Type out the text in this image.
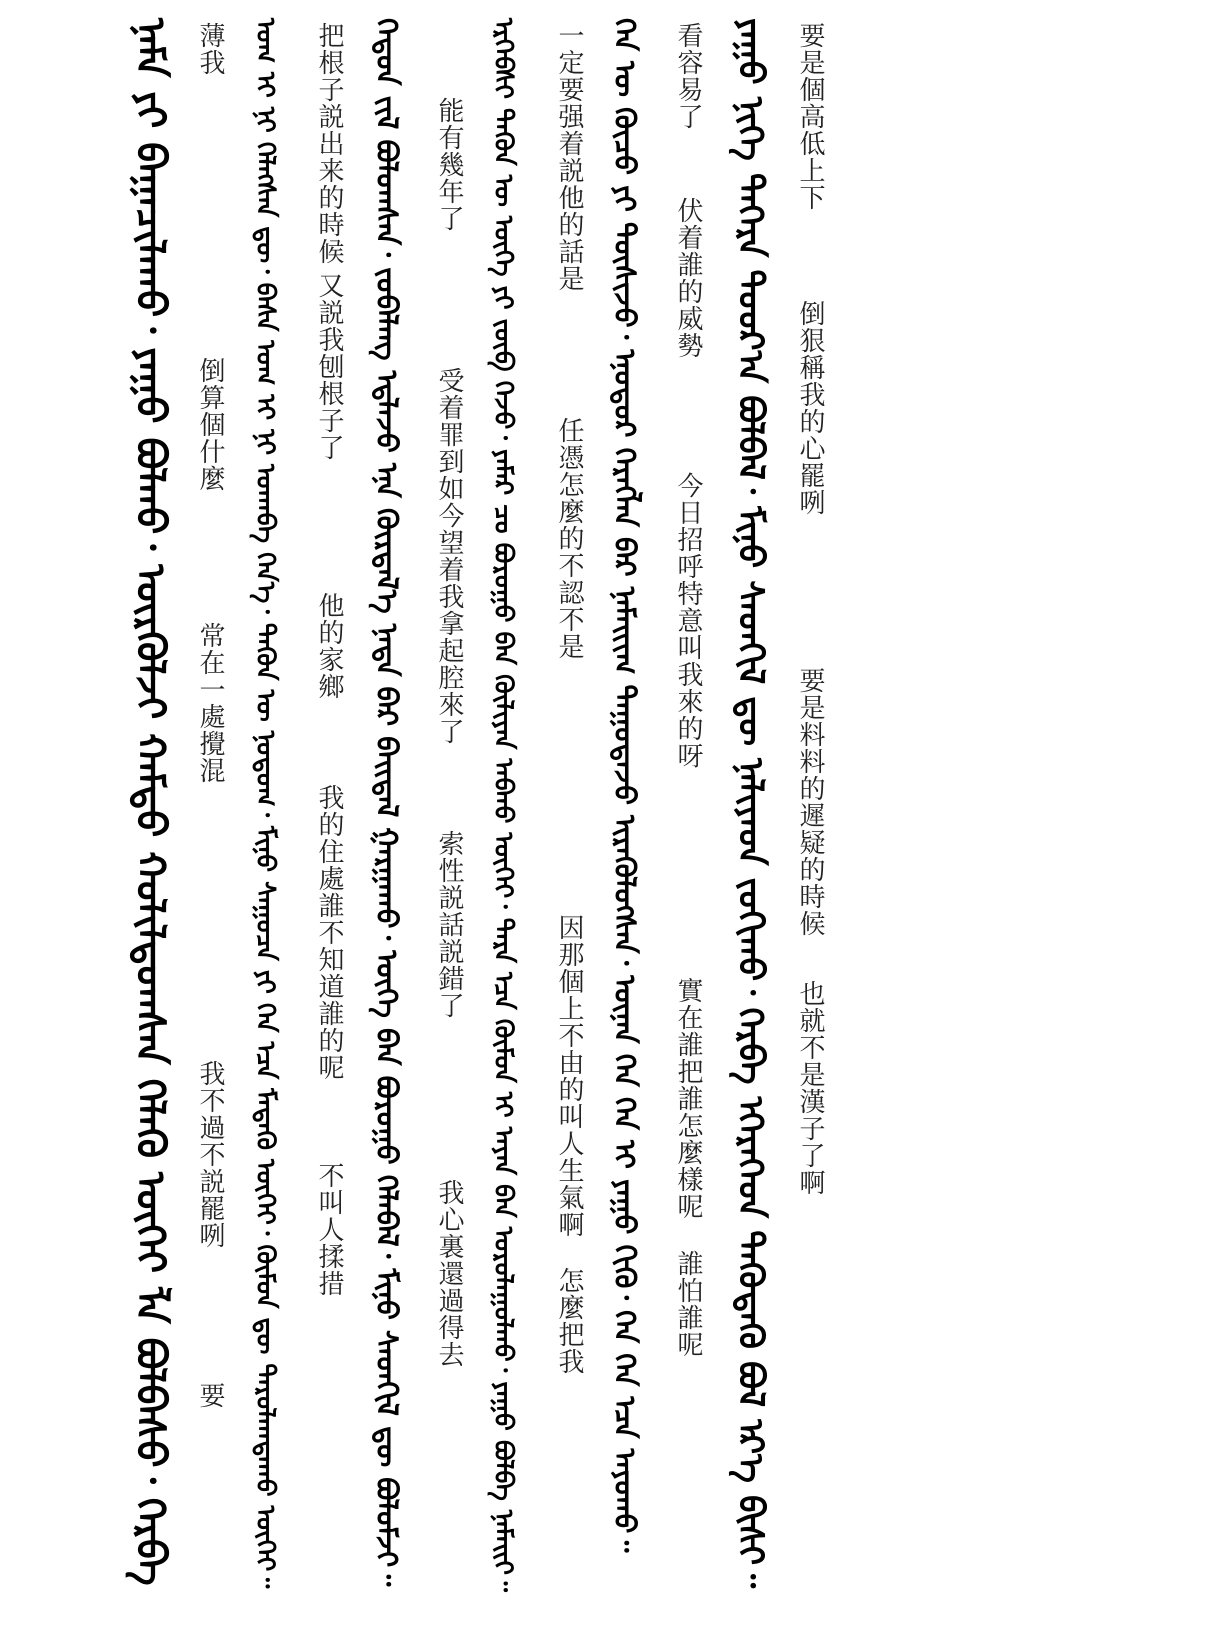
要是個高低上下
倒狠稱我的心罷咧
要是料料的遲疑的時候
也就不是漢子了啊
ᠶᠠᠭᠤ ᠨᠢᠭᠡ ᠳᠡᠭᠡᠷᠡ ᠳᠣᠣᠷ᠎ᠠ ᠪᠣᠯᠪᠠᠯ᠂ ᠮᠢᠨᠦ ᠰᠡᠳᠬᠢᠯ ᠳᠦ ᠨᠡᠯᠢᠶᠡᠳ ᠵᠣᠬᠢᠬᠤ᠂ ᠬᠡᠷᠪᠡ ᠡᠭᠡᠷᠡᠭᠡᠳ ᠲᠡᠭᠦᠳᠡᠬᠦ ᠪᠣᠯ ᠡᠷ᠎ᠡ ᠪᠢᠰᠢ᠃
看容易了
伏着誰的威勢
今日招呼特意叫我來的呀
實在誰把誰怎麼樣呢
誰怕誰呢
ᠬᠡᠨ ᠦ ᠬᠦᠴᠦ ᠶᠢ ᠲᠦᠰᠢᠵᠦ᠂ ᠡᠨᠦᠳᠦᠷ ᠬᠡᠷᠡᠭᠯᠡᠨ ᠪᠠᠷ ᠨᠠᠮᠠᠢᠢᠭ ᠳᠠᠭᠤᠳᠠᠵᠤ ᠢᠷᠡᠭᠦᠯᠦᠭᠰᠡᠨ᠂ ᠦᠨᠡᠨ ᠬᠡᠨ ᠬᠡᠨ ᠢ ᠶᠠᠭᠤ ᠬᠢᠬᠦ᠂ ᠬᠡᠨ ᠬᠡᠨ ᠡᠴᠡ ᠠᠶᠤᠬᠤ᠃
一定要强着説他的話是
任憑怎麼的不認不是
因那個上不由的叫人生氣啊
怎麼把我
ᠡᠷᠬᠡᠪᠰᠢ ᠲᠡᠭᠦᠨ ᠦ ᠦᠭᠡ ᠶᠢ ᠵᠥᠪ ᠭᠡᠵᠦ᠂ ᠶᠠᠮᠠᠷ ᠴᠤ ᠪᠤᠷᠤᠭᠤ ᠪᠠᠨ ᠬᠦᠯᠢᠶᠡᠨ ᠠᠪᠬᠤ ᠦᠭᠡᠢ᠂ ᠲᠡᠷᠡ ᠡᠴᠡ ᠬᠦᠮᠦᠨ ᠢ ᠠᠶᠠᠨ ᠪᠠᠨ ᠤᠷᠤᠯᠠᠭᠤᠯᠬᠤ᠂ ᠶᠠᠭᠤ ᠪᠣᠯᠪᠠ ᠨᠠᠮᠠᠢᠢ᠃
能有幾年了
受着罪到如今望着我拿起腔來了
索性説話説錯了
我心裏還過得去
ᠬᠡᠳᠦᠨ ᠵᠢᠯ ᠪᠣᠯᠤᠭᠰᠠᠨ᠂ ᠵᠣᠪᠠᠯᠠᠩ ᠡᠳ᠋ᠯᠡᠵᠦ ᠡᠨᠡ ᠬᠦᠷᠲᠡᠯ᠎ᠡ ᠨᠠᠳᠠ ᠪᠠᠷ ᠪᠠᠢᠳᠠᠯ ᠭᠠᠷᠭᠠᠬᠤ᠂ ᠦᠭᠡ ᠪᠡᠨ ᠪᠤᠷᠤᠭᠤ ᠬᠡᠯᠡᠪᠡᠯ᠂ ᠮᠢᠨᠦ ᠰᠡᠳᠬᠢᠯ ᠳᠦ ᠪᠣᠯᠤᠮᠵᠢ᠃
把根子説出来的時候
又説我刨根子了
他的家鄉
我的住處誰不知道誰的呢
不叫人揉措
ᠤᠭ ᠢ ᠨᠢ ᠬᠡᠯᠡᠭᠰᠡᠨ ᠳᠦ᠂ ᠪᠠᠰᠠ ᠤᠭ ᠢ ᠨᠢ ᠤᠬᠠᠪᠠ ᠭᠡᠨ᠎ᠡ᠂ ᠲᠡᠭᠦᠨ ᠦ ᠨᠤᠲᠤᠭ᠂ ᠮᠢᠨᠦ ᠰᠠᠭᠤᠴᠠ ᠶᠢ ᠬᠡᠨ ᠡᠴᠡ ᠮᠡᠳᠡᠬᠦ ᠦᠭᠡᠢ᠂ ᠬᠦᠮᠦᠨ ᠳᠦ ᠳᠠᠷᠤᠯᠠᠭᠳᠠᠬᠤ ᠦᠭᠡᠢ᠃
薄我
倒算個什麼
常在一處攪混
我不過不説罷咧
要
ᠨᠠᠮᠠ ᠶᠢ ᠪᠠᠭᠠᠴᠢᠯᠠᠬᠤ᠂ ᠶᠠᠭᠤ ᠪᠣᠯᠬᠤ᠂ ᠦᠷᠬᠦᠯᠵᠢ ᠬᠠᠮᠲᠤ ᠬᠣᠯᠢᠯᠳᠤᠭᠰᠠᠨ ᠬᠡᠯᠡᠬᠦ ᠦᠭᠡᠢ ᠯᠡ ᠪᠣᠯᠪᠠᠰᠤ᠂ ᠬᠡᠷᠪᠡ
